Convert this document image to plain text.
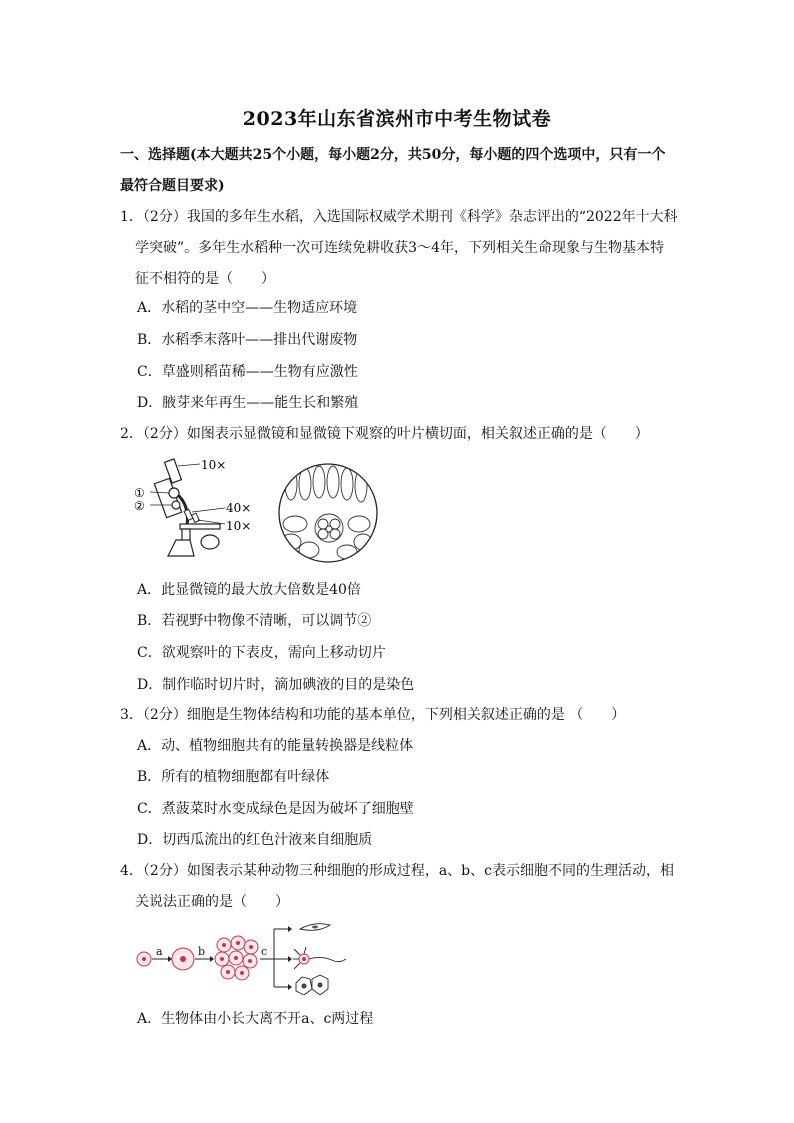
2023年山东省滨州市中考生物试卷
一、选择题(本大题共25个小题，每小题2分，共50分，每小题的四个选项中，只有一个
最符合题目要求)
1．（2分）我国的多年生水稻，入选国际权威学术期刊《科学》杂志评出的“2022年十大科
学突破”。多年生水稻种一次可连续免耕收获3～4年，下列相关生命现象与生物基本特
征不相符的是（　　）
A．水稻的茎中空——生物适应环境
B．水稻季末落叶——排出代谢废物
C．草盛则稻苗稀——生物有应激性
D．腋芽来年再生——能生长和繁殖
2．（2分）如图表示显微镜和显微镜下观察的叶片横切面，相关叙述正确的是（　　）
10×
①
②	40×
10×
A．此显微镜的最大放大倍数是40倍
B．若视野中物像不清晰，可以调节②
C．欲观察叶的下表皮，需向上移动切片
D．制作临时切片时，滴加碘液的目的是染色
3．（2分）细胞是生物体结构和功能的基本单位，下列相关叙述正确的是 （　　）
A．动、植物细胞共有的能量转换器是线粒体
B．所有的植物细胞都有叶绿体
C．煮菠菜时水变成绿色是因为破坏了细胞壁
D．切西瓜流出的红色汁液来自细胞质
4．（2分）如图表示某种动物三种细胞的形成过程，a、b、c表示细胞不同的生理活动，相
关说法正确的是（　　）
a	b	c
A．生物体由小长大离不开a、c两过程
